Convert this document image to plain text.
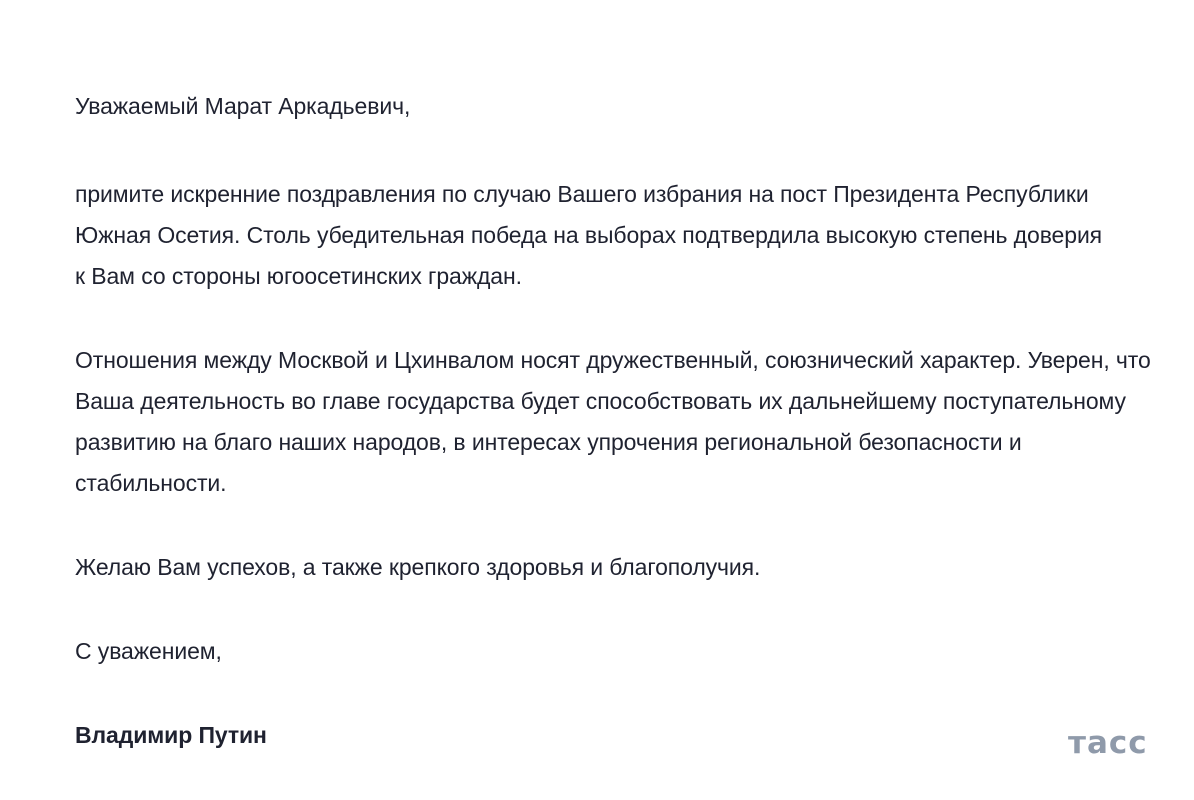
Уважаемый Марат Аркадьевич,

примите искренние поздравления по случаю Вашего избрания на пост Президента Республики Южная Осетия. Столь убедительная победа на выборах подтвердила высокую степень доверия к Вам со стороны югоосетинских граждан.

Отношения между Москвой и Цхинвалом носят дружественный, союзнический характер. Уверен, что Ваша деятельность во главе государства будет способствовать их дальнейшему поступательному развитию на благо наших народов, в интересах упрочения региональной безопасности и стабильности.

Желаю Вам успехов, а также крепкого здоровья и благополучия.

С уважением,

Владимир Путин	тасс
